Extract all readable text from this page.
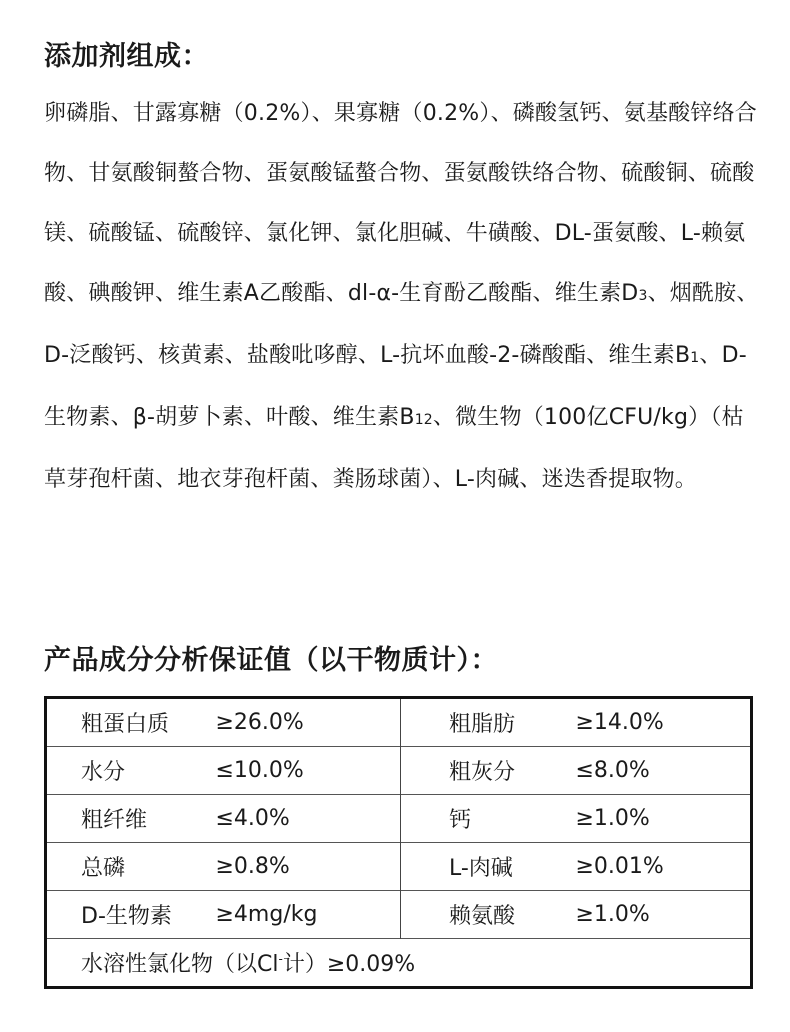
添加剂组成：

卵磷脂、甘露寡糖（0.2%）、果寡糖（0.2%）、磷酸氢钙、氨基酸锌络合物、甘氨酸铜螯合物、蛋氨酸锰螯合物、蛋氨酸铁络合物、硫酸铜、硫酸镁、硫酸锰、硫酸锌、氯化钾、氯化胆碱、牛磺酸、DL-蛋氨酸、L-赖氨酸、碘酸钾、维生素A乙酸酯、dl-α-生育酚乙酸酯、维生素D3、烟酰胺、D-泛酸钙、核黄素、盐酸吡哆醇、L-抗坏血酸-2-磷酸酯、维生素B1、D-生物素、β-胡萝卜素、叶酸、维生素B12、微生物（100亿CFU/kg）（枯草芽孢杆菌、地衣芽孢杆菌、粪肠球菌）、L-肉碱、迷迭香提取物。

产品成分分析保证值（以干物质计）：
粗蛋白质	≥26.0%	粗脂肪	≥14.0%
水分	≤10.0%	粗灰分	≤8.0%
粗纤维	≤4.0%	钙	≥1.0%
总磷	≥0.8%	L-肉碱	≥0.01%
D-生物素	≥4mg/kg	赖氨酸	≥1.0%
水溶性氯化物（以Cl-计）≥0.09%			
